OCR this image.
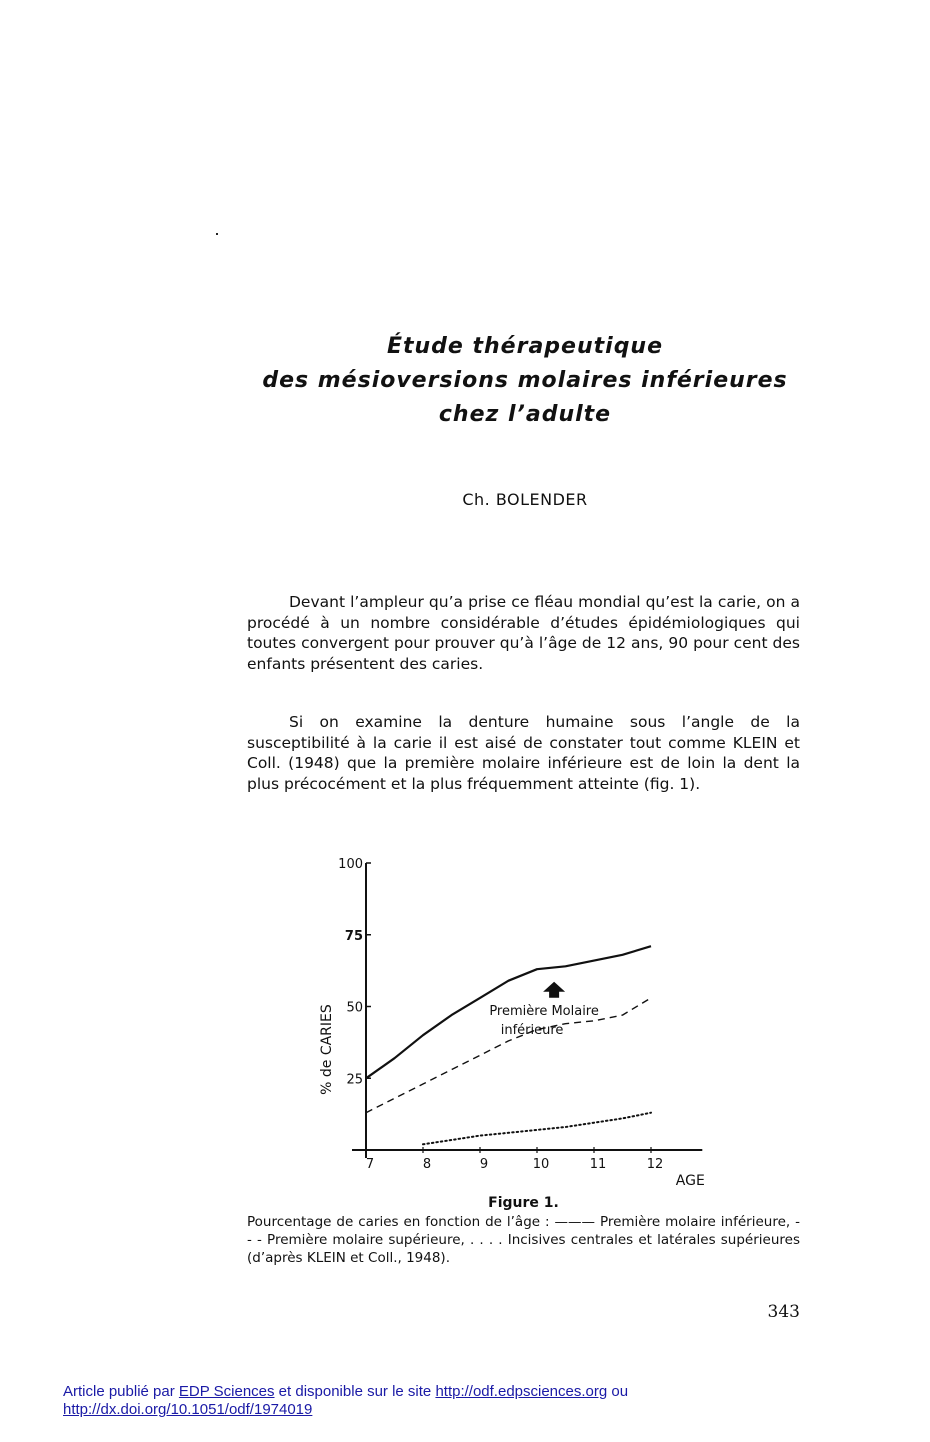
Étude thérapeutique
des mésioversions molaires inférieures
chez l’adulte
Ch. BOLENDER

Devant l’ampleur qu’a prise ce fléau mondial qu’est la carie, on a procédé à un nombre considérable d’études épidémiologiques qui toutes convergent pour prouver qu’à l’âge de 12 ans, 90 pour cent des enfants présentent des caries.

Si on examine la denture humaine sous l’angle de la susceptibilité à la carie il est aisé de constater tout comme KLEIN et Coll. (1948) que la première molaire inférieure est de loin la dent la plus précocément et la plus fréquemment atteinte (fig. 1).

25
50
75
100
7	8	9	10	11	12
AGE
% de CARIES	Première Molaire
inférieure
Figure 1.

Pourcentage de caries en fonction de l’âge : ——— Première molaire inférieure, - - - Première molaire supérieure, . . . . Incisives centrales et latérales supérieures (d’après KLEIN et Coll., 1948).

343
Article publié par EDP Sciences et disponible sur le site http://odf.edpsciences.org ou
http://dx.doi.org/10.1051/odf/1974019
